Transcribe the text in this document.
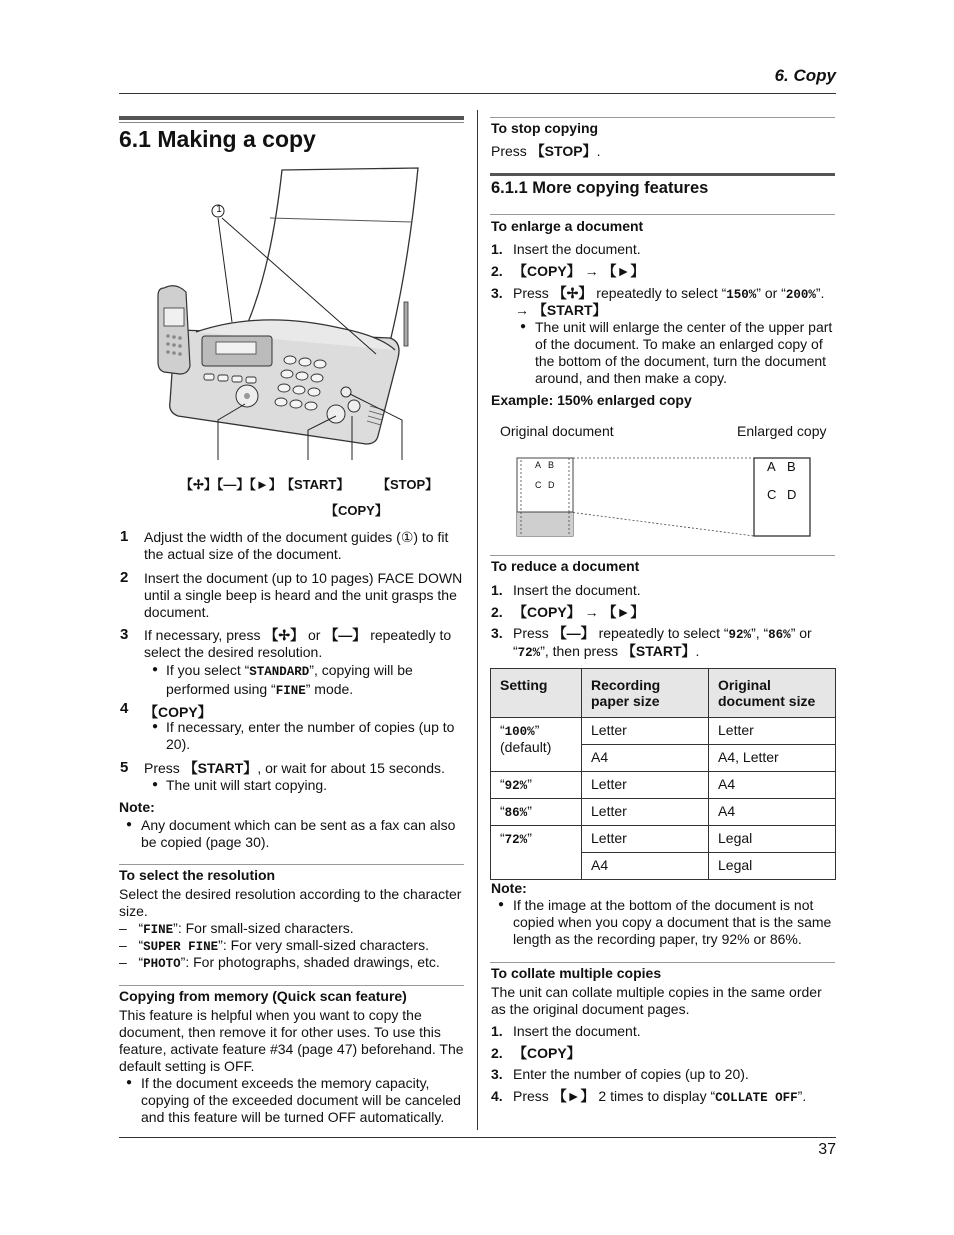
6. Copy
6.1 Making a copy
1
【✢】【—】【►】 【START】 【STOP】
【COPY】
1 Adjust the width of the document guides (①) to fit the actual size of the document.
2 Insert the document (up to 10 pages) FACE DOWN until a single beep is heard and the unit grasps the document.
3 If necessary, press 【✢】 or 【—】 repeatedly to select the desired resolution.
● If you select “STANDARD”, copying will be performed using “FINE” mode.
4 【COPY】
● If necessary, enter the number of copies (up to 20).
5 Press 【START】, or wait for about 15 seconds.
● The unit will start copying.
Note:
● Any document which can be sent as a fax can also be copied (page 30).
To select the resolution
Select the desired resolution according to the character size.
– “FINE”: For small-sized characters.
– “SUPER FINE”: For very small-sized characters.
– “PHOTO”: For photographs, shaded drawings, etc.
Copying from memory (Quick scan feature)
This feature is helpful when you want to copy the document, then remove it for other uses. To use this feature, activate feature #34 (page 47) beforehand. The default setting is OFF.
● If the document exceeds the memory capacity, copying of the exceeded document will be canceled and this feature will be turned OFF automatically.
To stop copying
Press 【STOP】.
6.1.1 More copying features
To enlarge a document
1. Insert the document.
2. 【COPY】 → 【►】
3. Press 【✢】 repeatedly to select “150%” or “200%”.
→ 【START】
● The unit will enlarge the center of the upper part of the document. To make an enlarged copy of the bottom of the document, turn the document around, and then make a copy.
Example: 150% enlarged copy
Original document	Enlarged copy
A B
C D
A B
C D
To reduce a document
1. Insert the document.
2. 【COPY】 → 【►】
3. Press 【—】 repeatedly to select “92%”, “86%” or
“72%”, then press 【START】.
Setting	Recording paper size	Original document size
“100%”
(default)	Letter	Letter
	A4	A4, Letter
“92%”	Letter	A4
“86%”	Letter	A4
“72%”	Letter	Legal
	A4	Legal
Note:
● If the image at the bottom of the document is not copied when you copy a document that is the same length as the recording paper, try 92% or 86%.
To collate multiple copies
The unit can collate multiple copies in the same order as the original document pages.
1. Insert the document.
2. 【COPY】
3. Enter the number of copies (up to 20).
4. Press 【►】 2 times to display “COLLATE OFF”.
37
